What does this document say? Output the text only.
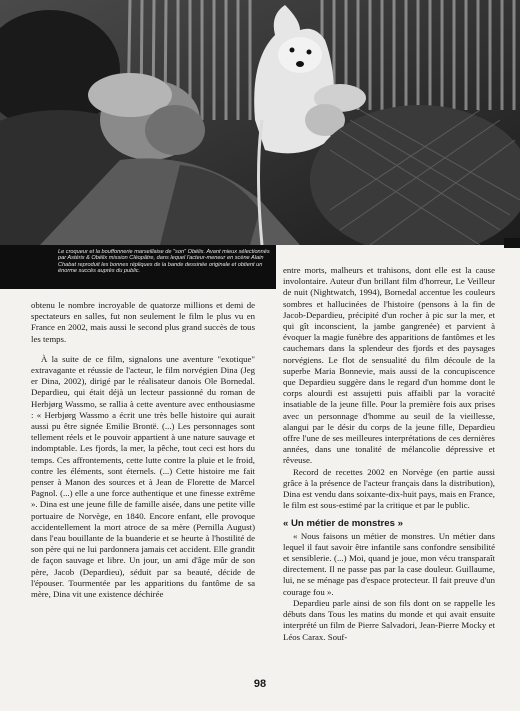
Le croqueur et la bouffonnerie marseillaise de "son" Obélix. Avant mieux sélectionnés par Astérix & Obélix mission Cléopâtre, dans lequel l'acteur-meneur en scène Alain Chabat reproduit les bonnes répliques de la bande dessinée originale et obtient un énorme succès auprès du public.

obtenu le nombre incroyable de quatorze millions et demi de spectateurs en salles, fut non seulement le film le plus vu en France en 2002, mais aussi le second plus grand succès de tous les temps.

À la suite de ce film, signalons une aventure "exotique" extravagante et réussie de l'acteur, le film norvégien Dina (Jeg er Dina, 2002), dirigé par le réalisateur danois Ole Bornedal. Depardieu, qui était déjà un lecteur passionné du roman de Herbjørg Wassmo, se rallia à cette aventure avec enthousiasme : « Herbjørg Wassmo a écrit une très belle histoire qui aurait aussi pu être signée Emilie Brontë. (...) Les personnages sont tellement réels et le pouvoir appartient à une nature sauvage et indomptable. Les fjords, la mer, la pêche, tout ceci est hors du temps. Ces affrontements, cette lutte contre la pluie et le froid, contre les éléments, sont éternels. (...) Cette histoire me fait penser à Manon des sources et à Jean de Florette de Marcel Pagnol. (...) elle a une force authentique et une finesse extrême ». Dina est une jeune fille de famille aisée, dans une petite ville portuaire de Norvège, en 1840. Encore enfant, elle provoque accidentellement la mort atroce de sa mère (Pernilla August) dans l'eau bouillante de la buanderie et se heurte à l'hostilité de son père qui ne lui pardonnera jamais cet accident. Elle grandit de façon sauvage et libre. Un jour, un ami d'âge mûr de son père, Jacob (Depardieu), séduit par sa beauté, décide de l'épouser. Tourmentée par les apparitions du fantôme de sa mère, Dina vit une existence déchirée

entre morts, malheurs et trahisons, dont elle est la cause involontaire. Auteur d'un brillant film d'horreur, Le Veilleur de nuit (Nightwatch, 1994), Bornedal accentue les couleurs sombres et hallucinées de l'histoire (pensons à la fin de Jacob-Depardieu, précipité d'un rocher à pic sur la mer, et qui gît inconscient, la jambe gangrenée) et parvient à évoquer la magie funèbre des apparitions de fantômes et les cauchemars dans la splendeur des fjords et des paysages norvégiens. Le flot de sensualité du film découle de la superbe Maria Bonnevie, mais aussi de la concupiscence que Depardieu suggère dans le regard d'un homme dont le corps alourdi est assujetti puis affaibli par la voracité insatiable de la jeune fille. Pour la première fois aux prises avec un personnage d'homme au seuil de la vieillesse, alangui par le désir du corps de la jeune fille, Depardieu offre l'une de ses meilleures interprétations de ces dernières années, dans une tonalité de mélancolie dépressive et rêveuse.

Record de recettes 2002 en Norvège (en partie aussi grâce à la présence de l'acteur français dans la distribution), Dina est vendu dans soixante-dix-huit pays, mais en France, le film est sous-estimé par la critique et par le public.

« Un métier de monstres »

« Nous faisons un métier de monstres. Un métier dans lequel il faut savoir être infantile sans confondre sensibilité et sensiblerie. (...) Moi, quand je joue, mon vécu transparaît directement. Il ne passe pas par la case douleur. Guillaume, lui, ne se ménage pas d'espace protecteur. Il fait preuve d'un courage fou ».

Depardieu parle ainsi de son fils dont on se rappelle les débuts dans Tous les matins du monde et qui avait ensuite interprété un film de Pierre Salvadori, Jean-Pierre Mocky et Léos Carax. Souf-

98
